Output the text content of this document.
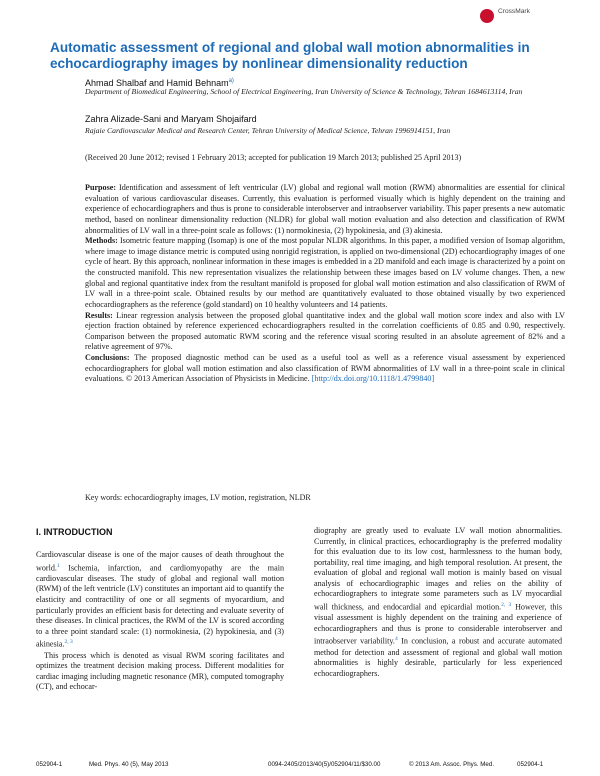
CrossMark
Automatic assessment of regional and global wall motion abnormalities in echocardiography images by nonlinear dimensionality reduction
Ahmad Shalbaf and Hamid Behnam$^{a)}$
Department of Biomedical Engineering, School of Electrical Engineering, Iran University of Science & Technology, Tehran 1684613114, Iran
Zahra Alizade-Sani and Maryam Shojaifard
Rajaie Cardiovascular Medical and Research Center, Tehran University of Medical Science, Tehran 1996914151, Iran
(Received 20 June 2012; revised 1 February 2013; accepted for publication 19 March 2013; published 25 April 2013)

Purpose: Identification and assessment of left ventricular (LV) global and regional wall motion (RWM) abnormalities are essential for clinical evaluation of various cardiovascular diseases. Currently, this evaluation is performed visually which is highly dependent on the training and experience of echocardiographers and thus is prone to considerable interobserver and intraobserver variability. This paper presents a new automatic method, based on nonlinear dimensionality reduction (NLDR) for global wall motion evaluation and also detection and classification of RWM abnormalities of LV wall in a three-point scale as follows: (1) normokinesia, (2) hypokinesia, and (3) akinesia.

Methods: Isometric feature mapping (Isomap) is one of the most popular NLDR algorithms. In this paper, a modified version of Isomap algorithm, where image to image distance metric is computed using nonrigid registration, is applied on two-dimensional (2D) echocardiography images of one cycle of heart. By this approach, nonlinear information in these images is embedded in a 2D manifold and each image is characterized by a point on the constructed manifold. This new representation visualizes the relationship between these images based on LV volume changes. Then, a new global and regional quantitative index from the resultant manifold is proposed for global wall motion estimation and also classification of RWM of LV wall in a three-point scale. Obtained results by our method are quantitatively evaluated to those obtained visually by two experienced echocardiographers as the reference (gold standard) on 10 healthy volunteers and 14 patients.

Results: Linear regression analysis between the proposed global quantitative index and the global wall motion score index and also with LV ejection fraction obtained by reference experienced echocardiographers resulted in the correlation coefficients of 0.85 and 0.90, respectively. Comparison between the proposed automatic RWM scoring and the reference visual scoring resulted in an absolute agreement of 82% and a relative agreement of 97%.

Conclusions: The proposed diagnostic method can be used as a useful tool as well as a reference visual assessment by experienced echocardiographers for global wall motion estimation and also classification of RWM abnormalities of LV wall in a three-point scale in clinical evaluations. © 2013 American Association of Physicists in Medicine. [http://dx.doi.org/10.1118/1.4799840]

Key words: echocardiography images, LV motion, registration, NLDR
I. INTRODUCTION

Cardiovascular disease is one of the major causes of death throughout the world.$^1$ Ischemia, infarction, and cardiomyopathy are the main cardiovascular diseases. The study of global and regional wall motion (RWM) of the left ventricle (LV) constitutes an important aid to quantify the elasticity and contractility of one or all segments of myocardium, and particularly provides an efficient basis for detecting and evaluate severity of these diseases. In clinical practices, the RWM of the LV is scored according to a three point standard scale: (1) normokinesia, (2) hypokinesia, and (3) akinesia.$^{2, 3}$
This process which is denoted as visual RWM scoring facilitates and optimizes the treatment decision making process. Different modalities for cardiac imaging including magnetic resonance (MR), computed tomography (CT), and echocar-

diography are greatly used to evaluate LV wall motion abnormalities. Currently, in clinical practices, echocardiography is the preferred modality for this evaluation due to its low cost, harmlessness to the human body, portability, real time imaging, and high temporal resolution. At present, the evaluation of global and regional wall motion is mainly based on visual analysis of echocardiographic images and relies on the ability of echocardiographers to integrate some parameters such as LV myocardial wall thickness, and endocardial and epicardial motion.$^{2, 3}$ However, this visual assessment is highly dependent on the training and experience of echocardiographers and thus is prone to considerable interobserver and intraobserver variability.$^4$ In conclusion, a robust and accurate automated method for detection and assessment of regional and global wall motion abnormalities is highly desirable, particularly for less experienced echocardiographers.

052904-1	Med. Phys. 40 (5), May 2013	0094-2405/2013/40(5)/052904/11/$30.00	© 2013 Am. Assoc. Phys. Med.	052904-1
